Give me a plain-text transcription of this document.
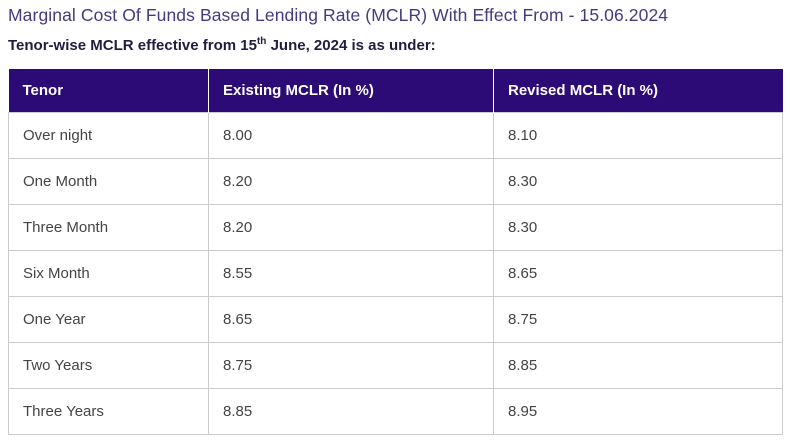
Marginal Cost Of Funds Based Lending Rate (MCLR) With Effect From - 15.06.2024

Tenor-wise MCLR effective from 15th June, 2024 is as under:

Tenor	Existing MCLR (In %)	Revised MCLR (In %)
Over night	8.00	8.10
One Month	8.20	8.30
Three Month	8.20	8.30
Six Month	8.55	8.65
One Year	8.65	8.75
Two Years	8.75	8.85
Three Years	8.85	8.95
